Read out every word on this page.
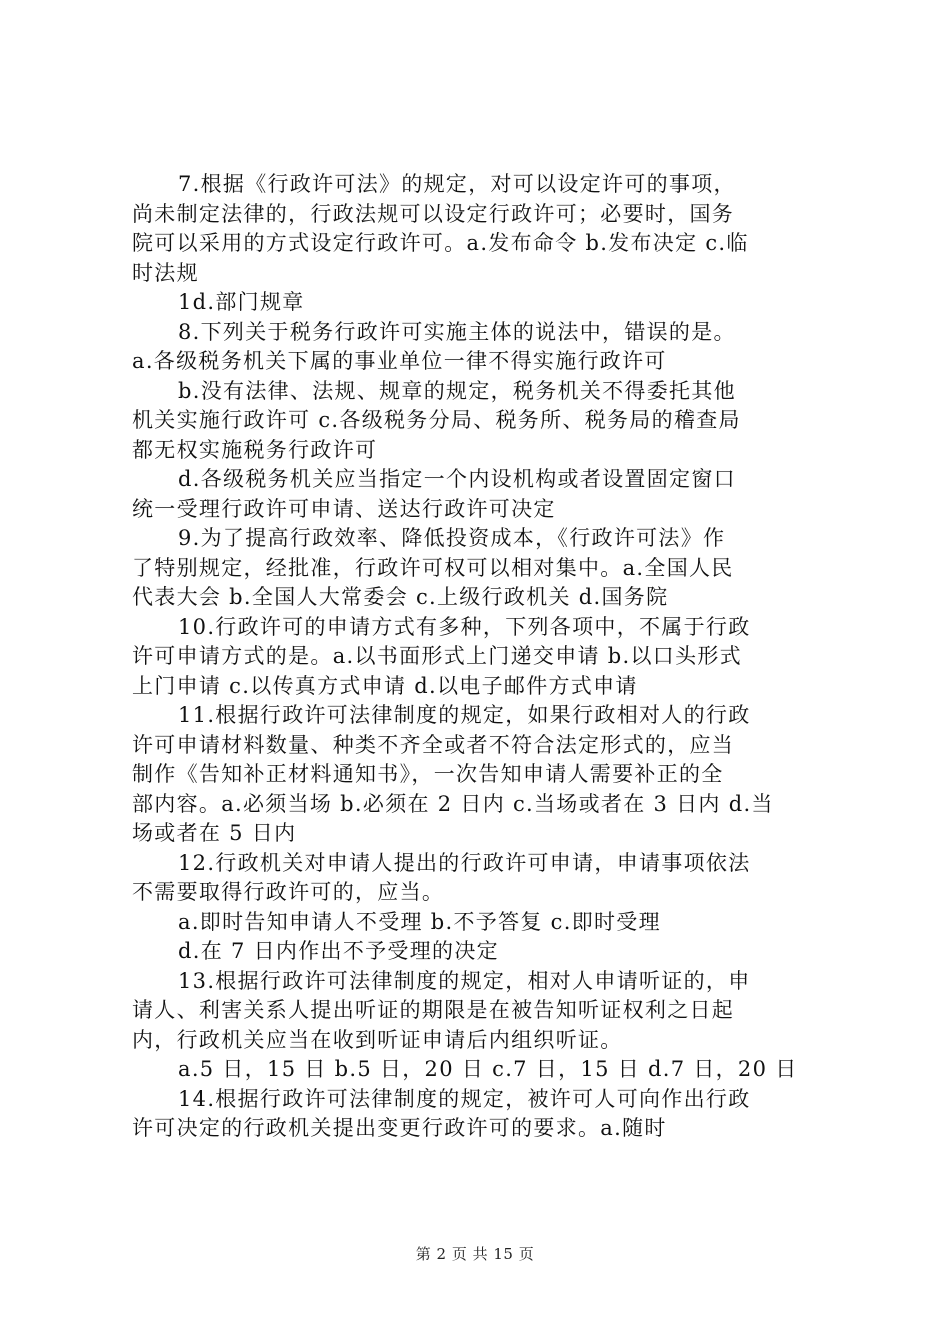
7.根据《行政许可法》的规定，对可以设定许可的事项，
尚未制定法律的，行政法规可以设定行政许可；必要时，国务
院可以采用的方式设定行政许可。a.发布命令 b.发布决定 c.临
时法规
1d.部门规章
8.下列关于税务行政许可实施主体的说法中，错误的是。
a.各级税务机关下属的事业单位一律不得实施行政许可
b.没有法律、法规、规章的规定，税务机关不得委托其他
机关实施行政许可 c.各级税务分局、税务所、税务局的稽查局
都无权实施税务行政许可
d.各级税务机关应当指定一个内设机构或者设置固定窗口
统一受理行政许可申请、送达行政许可决定
9.为了提高行政效率、降低投资成本，《行政许可法》作
了特别规定，经批准，行政许可权可以相对集中。a.全国人民
代表大会 b.全国人大常委会 c.上级行政机关 d.国务院
10.行政许可的申请方式有多种，下列各项中，不属于行政
许可申请方式的是。a.以书面形式上门递交申请 b.以口头形式
上门申请 c.以传真方式申请 d.以电子邮件方式申请
11.根据行政许可法律制度的规定，如果行政相对人的行政
许可申请材料数量、种类不齐全或者不符合法定形式的，应当
制作《告知补正材料通知书》，一次告知申请人需要补正的全
部内容。a.必须当场 b.必须在 2 日内 c.当场或者在 3 日内 d.当
场或者在 5 日内
12.行政机关对申请人提出的行政许可申请，申请事项依法
不需要取得行政许可的，应当。
a.即时告知申请人不受理 b.不予答复 c.即时受理
d.在 7 日内作出不予受理的决定
13.根据行政许可法律制度的规定，相对人申请听证的，申
请人、利害关系人提出听证的期限是在被告知听证权利之日起
内，行政机关应当在收到听证申请后内组织听证。
a.5 日，15 日 b.5 日，20 日 c.7 日，15 日 d.7 日，20 日
14.根据行政许可法律制度的规定，被许可人可向作出行政
许可决定的行政机关提出变更行政许可的要求。a.随时
第 2 页 共 15 页
